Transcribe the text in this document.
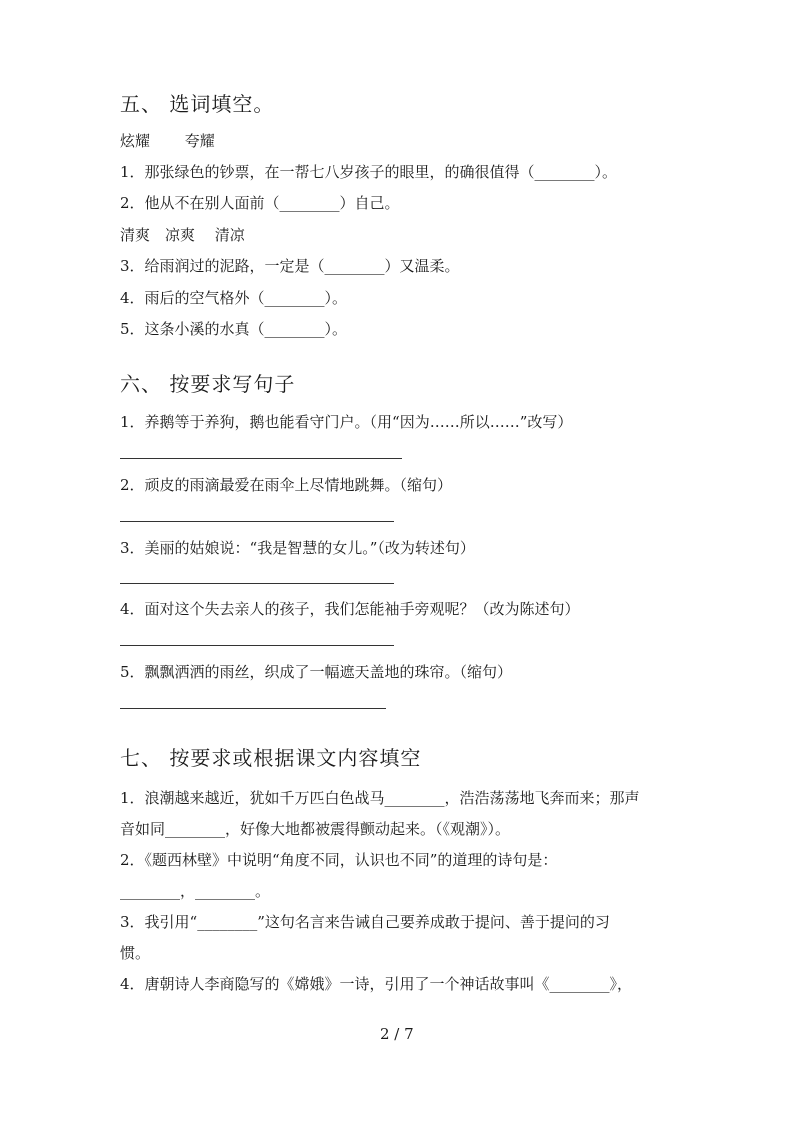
五、 选词填空。
炫耀　　 夸耀
1．那张绿色的钞票，在一帮七八岁孩子的眼里，的确很值得（________）。
2．他从不在别人面前（________）自己。
清爽　凉爽　 清凉
3．给雨润过的泥路，一定是（________）又温柔。
4．雨后的空气格外（________）。
5．这条小溪的水真（________）。
六、 按要求写句子
1．养鹅等于养狗，鹅也能看守门户。（用“因为……所以……”改写）
2．顽皮的雨滴最爱在雨伞上尽情地跳舞。（缩句）
3．美丽的姑娘说：“我是智慧的女儿。”（改为转述句）
4．面对这个失去亲人的孩子，我们怎能袖手旁观呢？（改为陈述句）
5．飘飘洒洒的雨丝，织成了一幅遮天盖地的珠帘。（缩句）
七、 按要求或根据课文内容填空
1．浪潮越来越近，犹如千万匹白色战马________，浩浩荡荡地飞奔而来；那声
音如同________，好像大地都被震得颤动起来。（《观潮》）。
2．《题西林壁》中说明“角度不同，认识也不同”的道理的诗句是：
________，________。
3．我引用“________”这句名言来告诫自己要养成敢于提问、善于提问的习
惯。
4．唐朝诗人李商隐写的《嫦娥》一诗，引用了一个神话故事叫《________》，
2 / 7
